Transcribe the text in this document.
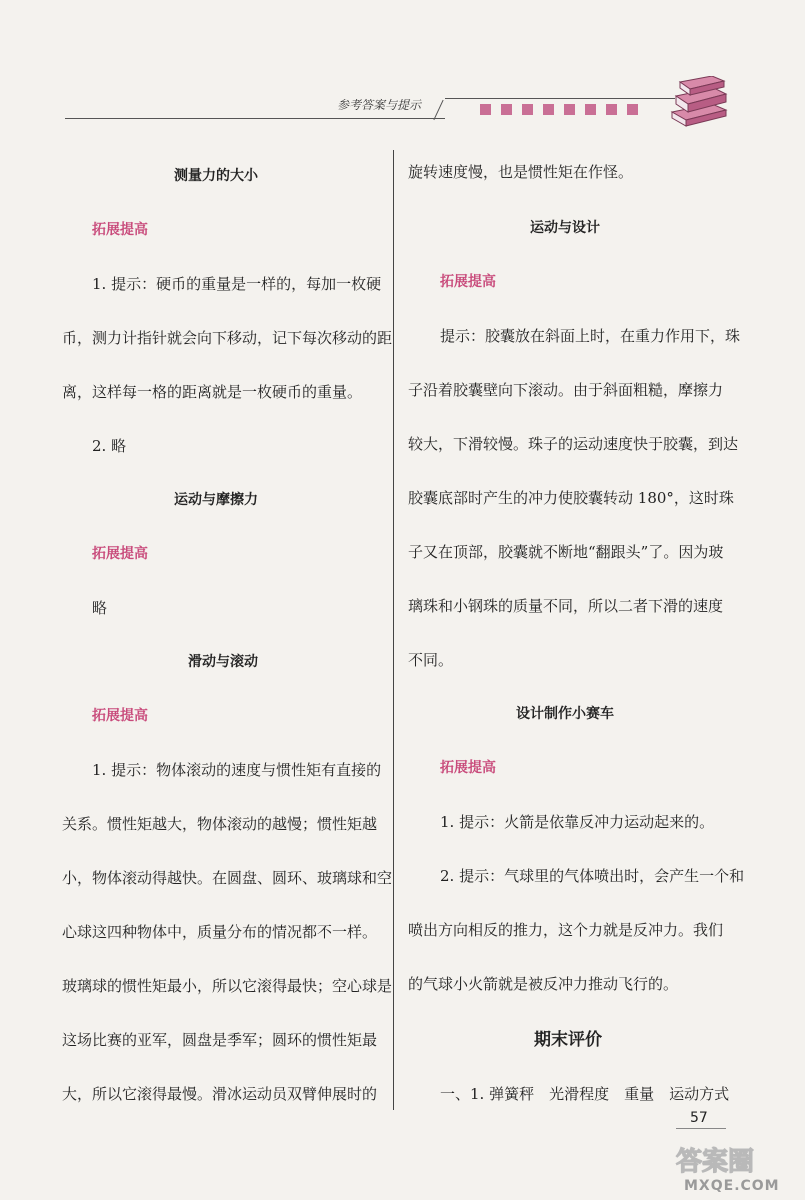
参考答案与提示
测量力的大小
拓展提高
1. 提示：硬币的重量是一样的，每加一枚硬
币，测力计指针就会向下移动，记下每次移动的距
离，这样每一格的距离就是一枚硬币的重量。
2. 略
运动与摩擦力
拓展提高
略
滑动与滚动
拓展提高
1. 提示：物体滚动的速度与惯性矩有直接的
关系。惯性矩越大，物体滚动的越慢；惯性矩越
小，物体滚动得越快。在圆盘、圆环、玻璃球和空
心球这四种物体中，质量分布的情况都不一样。
玻璃球的惯性矩最小，所以它滚得最快；空心球是
这场比赛的亚军，圆盘是季军；圆环的惯性矩最
大，所以它滚得最慢。滑冰运动员双臂伸展时的
旋转速度慢，也是惯性矩在作怪。
运动与设计
拓展提高
提示：胶囊放在斜面上时，在重力作用下，珠
子沿着胶囊壁向下滚动。由于斜面粗糙，摩擦力
较大，下滑较慢。珠子的运动速度快于胶囊，到达
胶囊底部时产生的冲力使胶囊转动 180°，这时珠
子又在顶部，胶囊就不断地“翻跟头”了。因为玻
璃珠和小钢珠的质量不同，所以二者下滑的速度
不同。
设计制作小赛车
拓展提高
1. 提示：火箭是依靠反冲力运动起来的。
2. 提示：气球里的气体喷出时，会产生一个和
喷出方向相反的推力，这个力就是反冲力。我们
的气球小火箭就是被反冲力推动飞行的。
期末评价
一、1. 弹簧秤　光滑程度　重量　运动方式
57
答案圈
MXQE.COM
